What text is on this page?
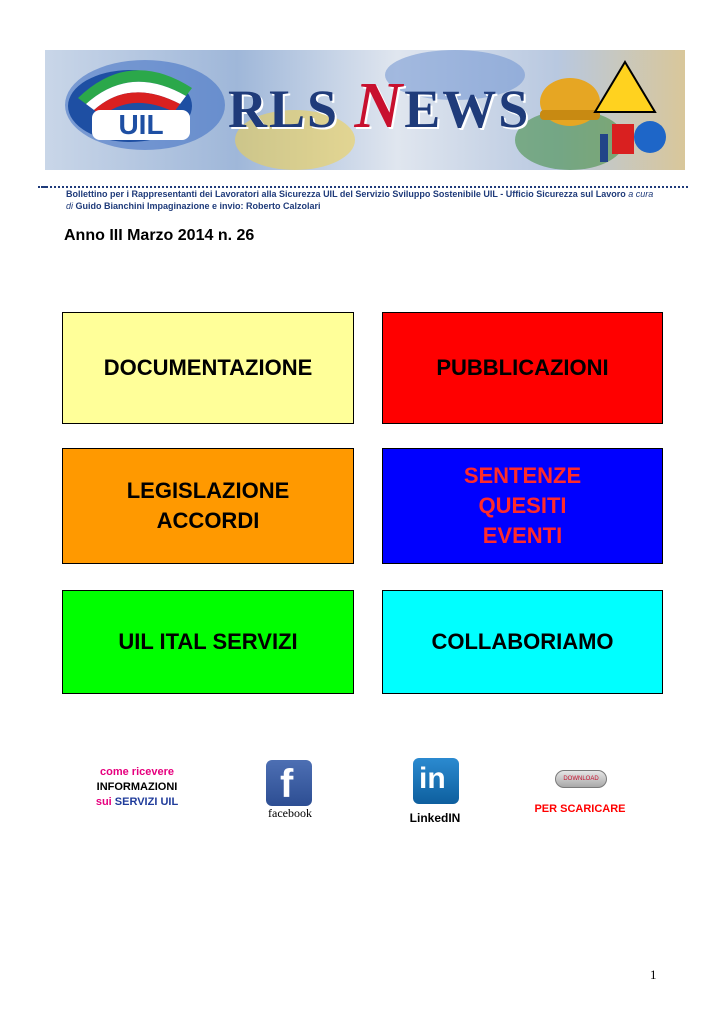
UIL RLS NEWS
Bollettino per i Rappresentanti dei Lavoratori alla Sicurezza UIL del Servizio Sviluppo Sostenibile UIL - Ufficio Sicurezza sul Lavoro a cura
di Guido Bianchini Impaginazione e invio: Roberto Calzolari
Anno III Marzo 2014 n. 26
DOCUMENTAZIONE	PUBBLICAZIONI
LEGISLAZIONE
ACCORDI
SENTENZE
QUESITI
EVENTI
UIL ITAL SERVIZI	COLLABORIAMO
come ricevere
INFORMAZIONI
sui SERVIZI UIL	f
facebook
in
LinkedIN
DOWNLOAD
PER SCARICARE
1
